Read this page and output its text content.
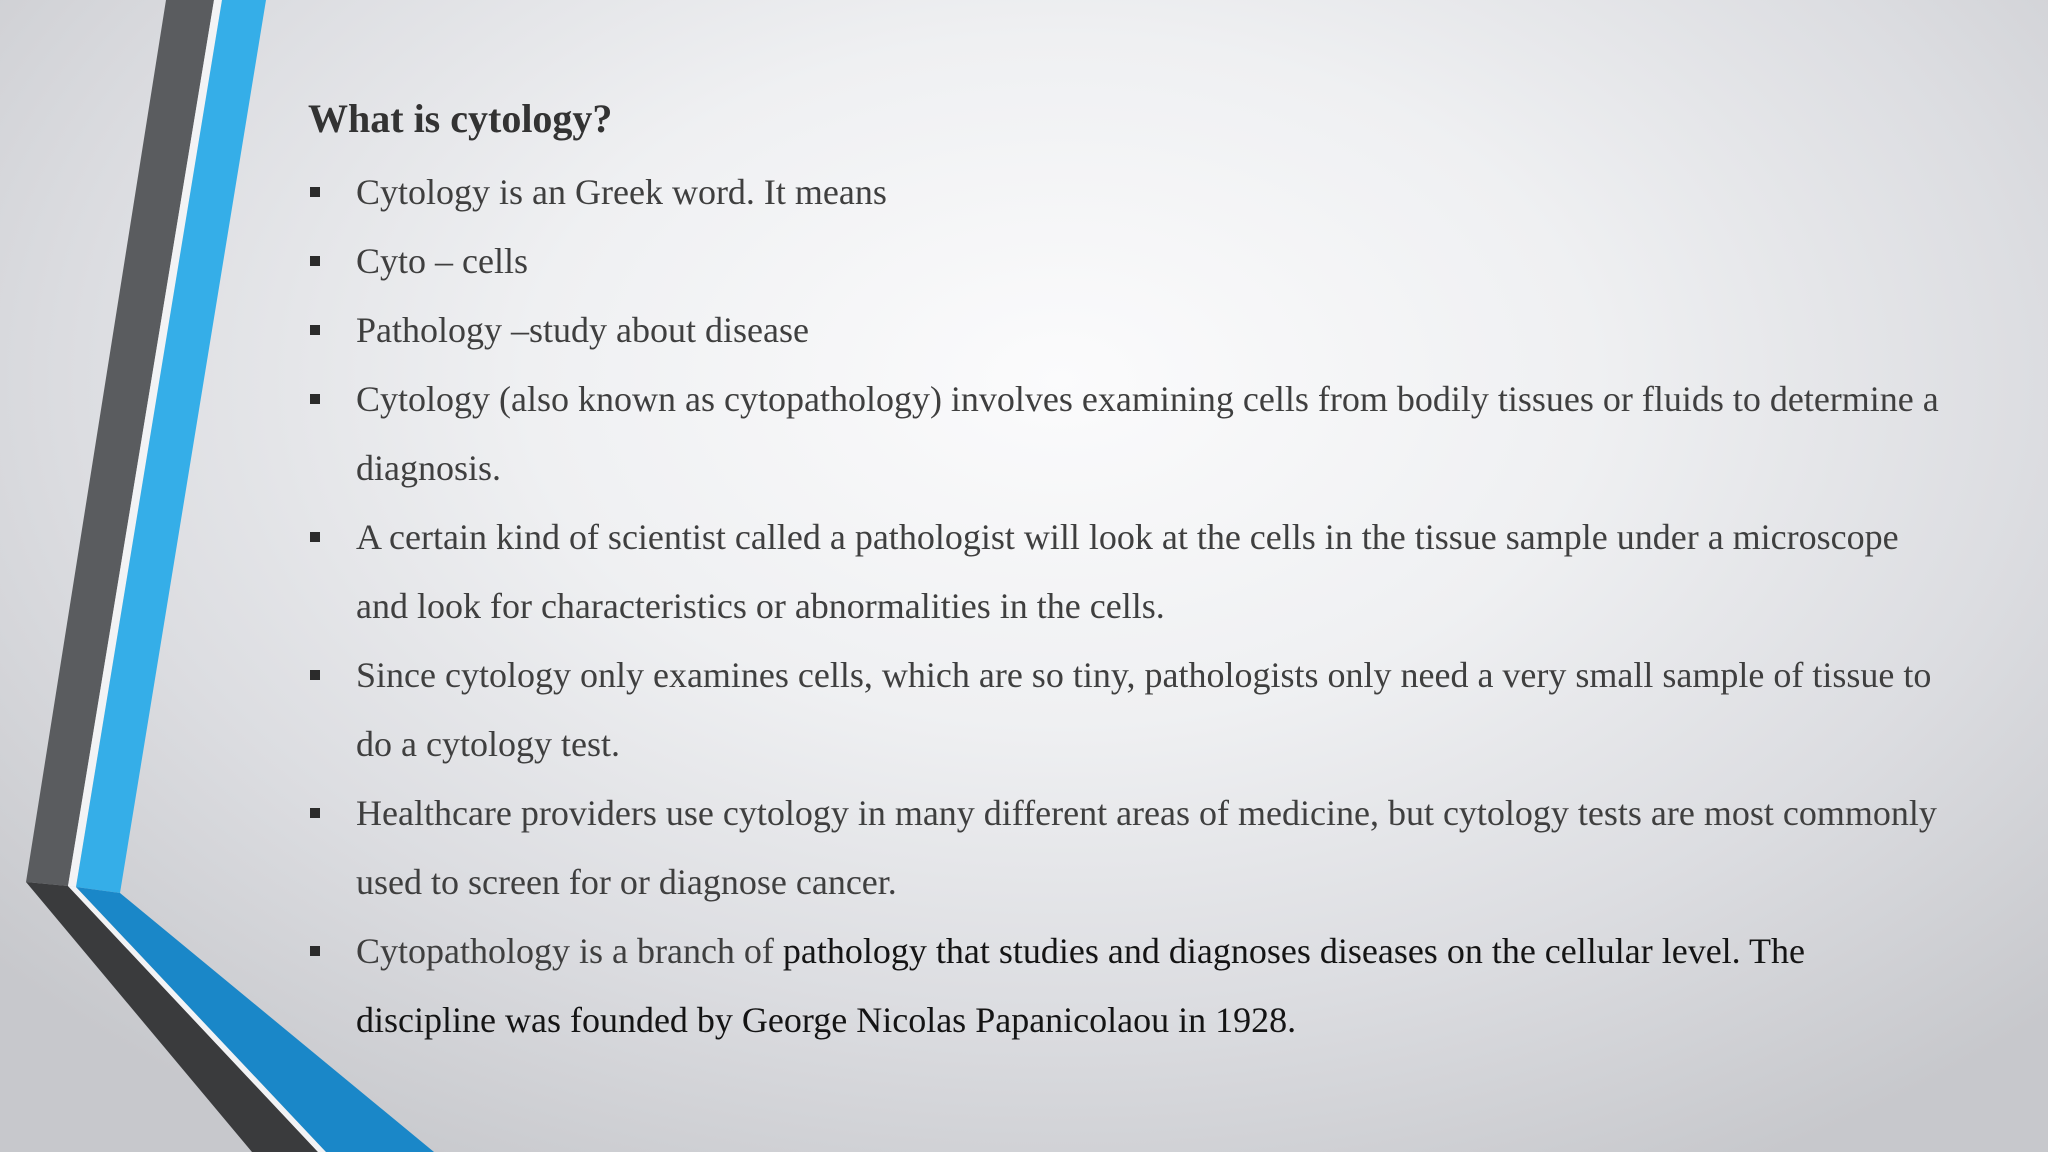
What is cytology?
Cytology is an Greek word. It means
Cyto – cells
Pathology –study about disease
Cytology (also known as cytopathology) involves examining cells from bodily tissues or fluids to determine a diagnosis.
A certain kind of scientist called a pathologist will look at the cells in the tissue sample under a microscope and look for characteristics or abnormalities in the cells.
Since cytology only examines cells, which are so tiny, pathologists only need a very small sample of tissue to do a cytology test.
Healthcare providers use cytology in many different areas of medicine, but cytology tests are most commonly used to screen for or diagnose cancer.
Cytopathology is a branch of pathology that studies and diagnoses diseases on the cellular level. The discipline was founded by George Nicolas Papanicolaou in 1928.
